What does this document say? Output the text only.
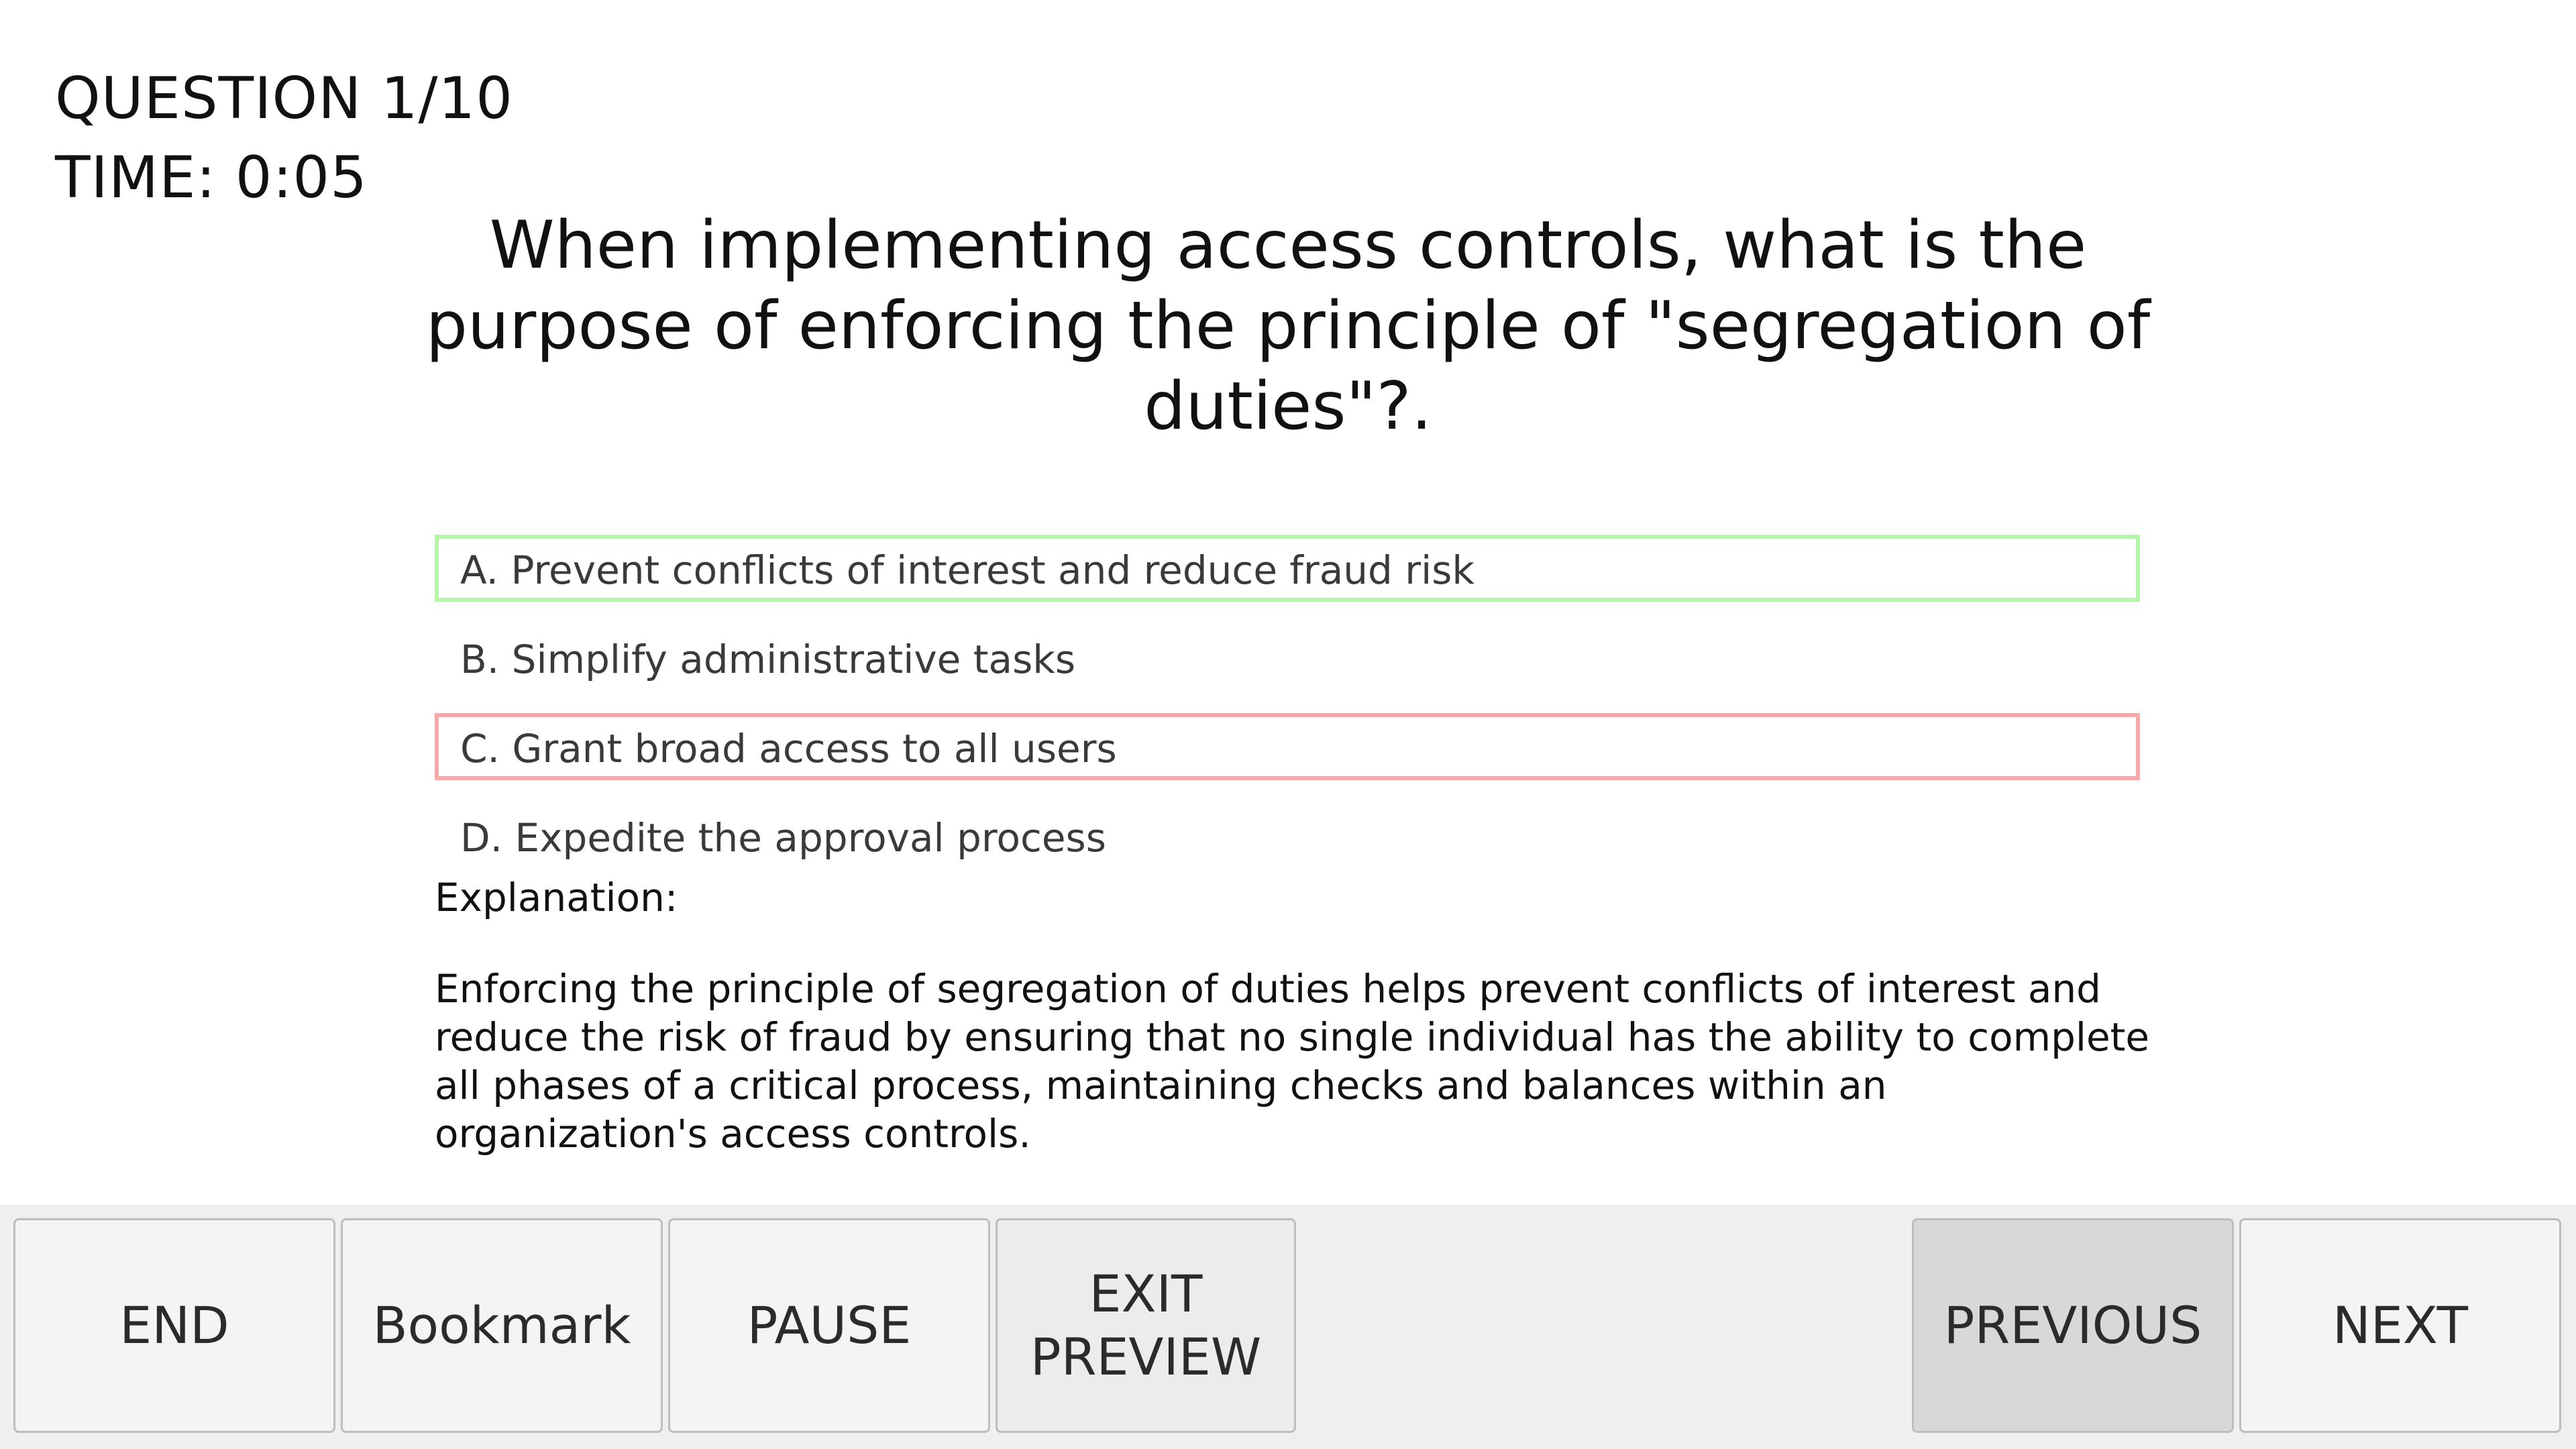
QUESTION 1/10
TIME: 0:05
When implementing access controls, what is the purpose of enforcing the principle of "segregation of duties"?.
A. Prevent conflicts of interest and reduce fraud risk
B. Simplify administrative tasks
C. Grant broad access to all users
D. Expedite the approval process
Explanation:
Enforcing the principle of segregation of duties helps prevent conflicts of interest and reduce the risk of fraud by ensuring that no single individual has the ability to complete all phases of a critical process, maintaining checks and balances within an organization's access controls.
END	Bookmark	PAUSE
EXIT
PREVIEW
PREVIOUS	NEXT
